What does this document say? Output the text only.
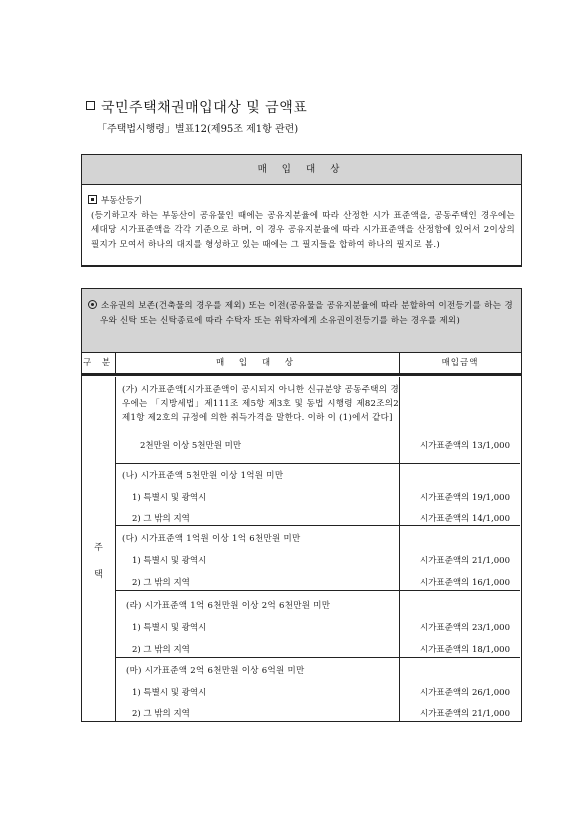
국민주택채권매입대상 및 금액표
「주택법시행령」별표12(제95조 제1항 관련)
매 입 대 상
부동산등기
(등기하고자 하는 부동산이 공유물인 때에는 공유지분율에 따라 산정한 시가 표준액을, 공동주택인 경우에는 세대당 시가표준액을 각각 기준으로 하며, 이 경우 공유지분율에 따라 시가표준액을 산정함에 있어서 2이상의 필지가 모여서 하나의 대지를 형성하고 있는 때에는 그 필지들을 합하여 하나의 필지로 봄.)
소유권의 보존(건축물의 경우를 제외) 또는 이전(공유물을 공유지분율에 따라 분할하여 이전등기를 하는 경우와 신탁 또는 신탁종료에 따라 수탁자 또는 위탁자에게 소유권이전등기를 하는 경우를 제외)
구 분	매 입 대 상	매입금액
주
택
(가) 시가표준액[시가표준액이 공시되지 아니한 신규분양 공동주택의 경우에는 「지방세법」제111조 제5항 제3호 및 동법 시행령 제82조의2 제1항 제2호의 규정에 의한 취득가격을 말한다. 이하 이 (1)에서 같다]
2천만원 이상 5천만원 미만	시가표준액의 13/1,000
(나) 시가표준액 5천만원 이상 1억원 미만
1) 특별시 및 광역시	시가표준액의 19/1,000
2) 그 밖의 지역	시가표준액의 14/1,000
(다) 시가표준액 1억원 이상 1억 6천만원 미만
1) 특별시 및 광역시	시가표준액의 21/1,000
2) 그 밖의 지역	시가표준액의 16/1,000
(라) 시가표준액 1억 6천만원 이상 2억 6천만원 미만
1) 특별시 및 광역시	시가표준액의 23/1,000
2) 그 밖의 지역	시가표준액의 18/1,000
(마) 시가표준액 2억 6천만원 이상 6억원 미만
1) 특별시 및 광역시	시가표준액의 26/1,000
2) 그 밖의 지역	시가표준액의 21/1,000
